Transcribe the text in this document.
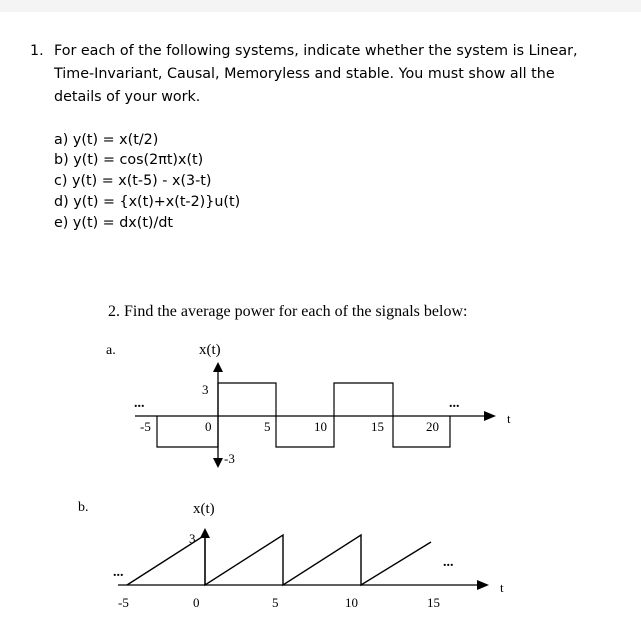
1. For each of the following systems, indicate whether the system is Linear,
Time-Invariant, Causal, Memoryless and stable. You must show all the
details of your work.
a) y(t) = x(t/2)
b) y(t) = cos(2πt)x(t)
c) y(t) = x(t-5) - x(3-t)
d) y(t) = {x(t)+x(t-2)}u(t)
e) y(t) = dx(t)/dt
2. Find the average power for each of the signals below:
a.	x(t)
t
3
-3
-5	0	5	10	15	20
...	...
b.	x(t)
t
3
-5	0	5	10	15
...
...
